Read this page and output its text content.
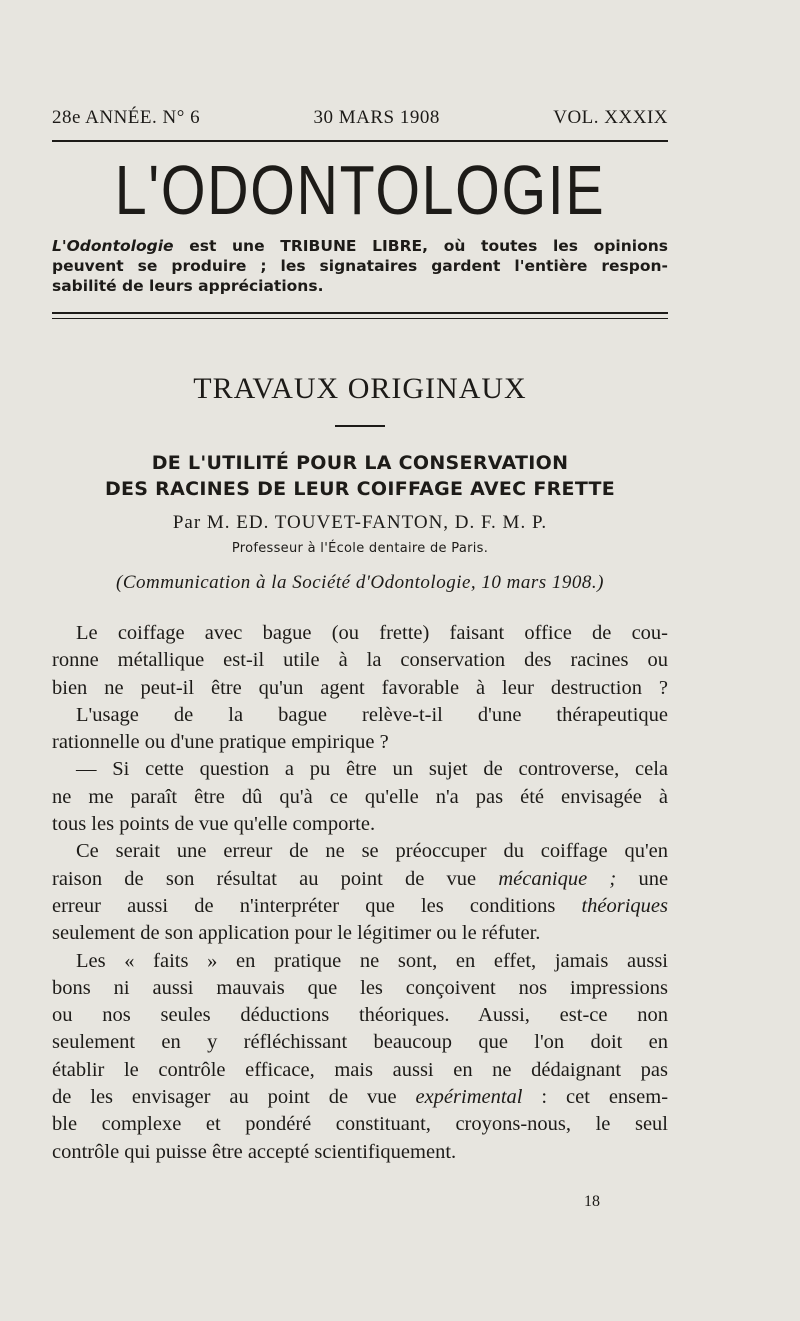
28e ANNÉE. N° 6	30 MARS 1908	VOL. XXXIX
L'ODONTOLOGIE
L'Odontologie est une TRIBUNE LIBRE, où toutes les opinions
peuvent se produire ; les signataires gardent l'entière respon-
sabilité de leurs appréciations.
TRAVAUX ORIGINAUX
DE L'UTILITÉ POUR LA CONSERVATION
DES RACINES DE LEUR COIFFAGE AVEC FRETTE
Par M. ED. TOUVET-FANTON, D. F. M. P.
Professeur à l'École dentaire de Paris.
(Communication à la Société d'Odontologie, 10 mars 1908.)
Le coiffage avec bague (ou frette) faisant office de cou-
ronne métallique est-il utile à la conservation des racines ou
bien ne peut-il être qu'un agent favorable à leur destruction ?
L'usage de la bague relève-t-il d'une thérapeutique
rationnelle ou d'une pratique empirique ?
— Si cette question a pu être un sujet de controverse, cela
ne me paraît être dû qu'à ce qu'elle n'a pas été envisagée à
tous les points de vue qu'elle comporte.
Ce serait une erreur de ne se préoccuper du coiffage qu'en
raison de son résultat au point de vue mécanique ; une
erreur aussi de n'interpréter que les conditions théoriques
seulement de son application pour le légitimer ou le réfuter.
Les « faits » en pratique ne sont, en effet, jamais aussi
bons ni aussi mauvais que les conçoivent nos impressions
ou nos seules déductions théoriques. Aussi, est-ce non
seulement en y réfléchissant beaucoup que l'on doit en
établir le contrôle efficace, mais aussi en ne dédaignant pas
de les envisager au point de vue expérimental : cet ensem-
ble complexe et pondéré constituant, croyons-nous, le seul
contrôle qui puisse être accepté scientifiquement.
18
